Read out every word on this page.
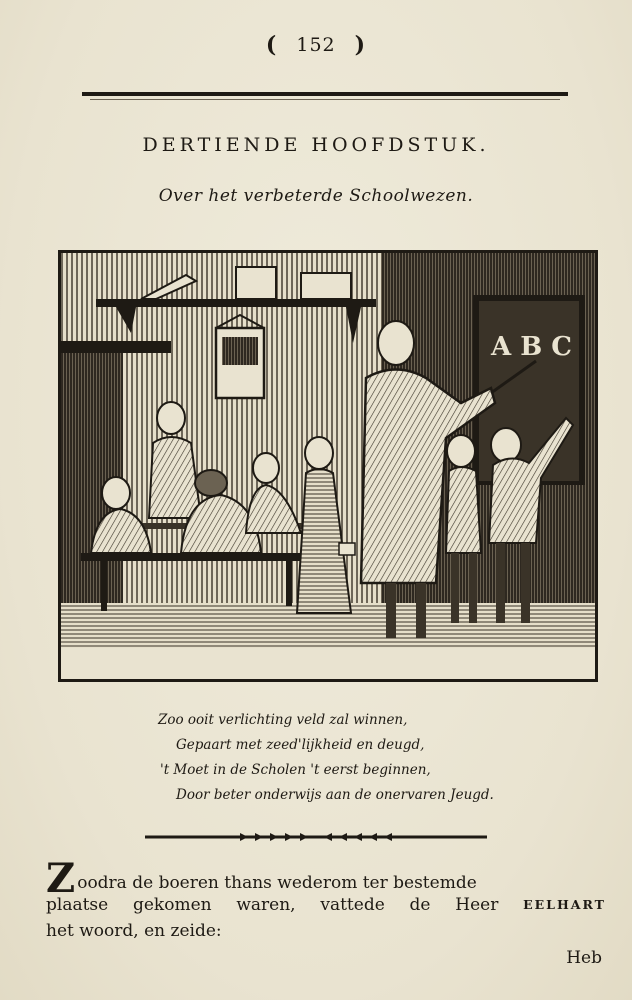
( 152 )
DERTIENDE HOOFDSTUK.
Over het verbeterde Schoolwezen.
A B C
Zoo ooit verlichting veld zal winnen,
Gepaart met zeed'lijkheid en deugd,
't Moet in de Scholen 't eerst beginnen,
Door beter onderwijs aan de onervaren Jeugd.
Zoodra de boeren thans wederom ter bestemde
plaatse gekomen waren, vattede de Heer EELHART
het woord, en zeide:
Heb
